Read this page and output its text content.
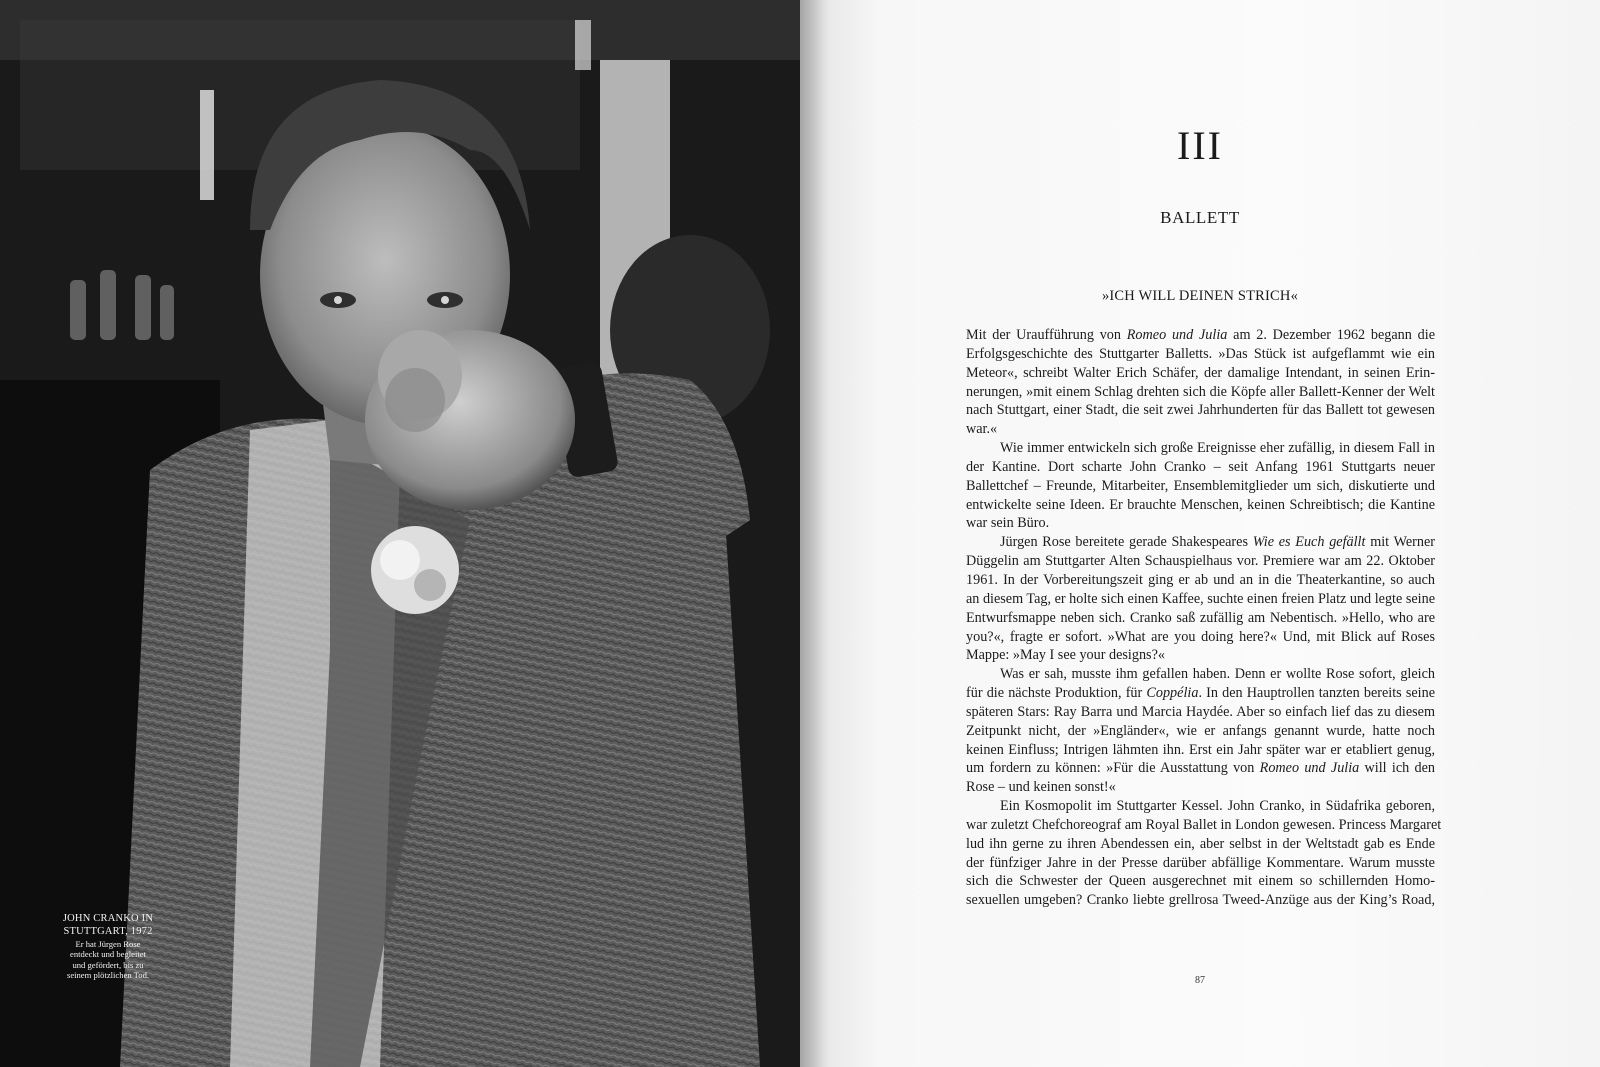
JOHN CRANKO IN
STUTTGART, 1972
Er hat Jürgen Rose
entdeckt und begleitet
und gefördert, bis zu
seinem plötzlichen Tod.
III
BALLETT
»ICH WILL DEINEN STRICH«
Mit der Uraufführung von Romeo und Julia am 2. Dezember 1962 begann die
Erfolgsgeschichte des Stuttgarter Balletts. »Das Stück ist aufgeflammt wie ein
Meteor«, schreibt Walter Erich Schäfer, der damalige Intendant, in seinen Erin-
nerungen, »mit einem Schlag drehten sich die Köpfe aller Ballett-Kenner der Welt
nach Stuttgart, einer Stadt, die seit zwei Jahrhunderten für das Ballett tot gewesen
war.«
Wie immer entwickeln sich große Ereignisse eher zufällig, in diesem Fall in
der Kantine. Dort scharte John Cranko – seit Anfang 1961 Stuttgarts neuer
Ballettchef – Freunde, Mitarbeiter, Ensemblemitglieder um sich, diskutierte und
entwickelte seine Ideen. Er brauchte Menschen, keinen Schreibtisch; die Kantine
war sein Büro.
Jürgen Rose bereitete gerade Shakespeares Wie es Euch gefällt mit Werner
Düggelin am Stuttgarter Alten Schauspielhaus vor. Premiere war am 22. Oktober
1961. In der Vorbereitungszeit ging er ab und an in die Theaterkantine, so auch
an diesem Tag, er holte sich einen Kaffee, suchte einen freien Platz und legte seine
Entwurfsmappe neben sich. Cranko saß zufällig am Nebentisch. »Hello, who are
you?«, fragte er sofort. »What are you doing here?« Und, mit Blick auf Roses
Mappe: »May I see your designs?«
Was er sah, musste ihm gefallen haben. Denn er wollte Rose sofort, gleich
für die nächste Produktion, für Coppélia. In den Hauptrollen tanzten bereits seine
späteren Stars: Ray Barra und Marcia Haydée. Aber so einfach lief das zu diesem
Zeitpunkt nicht, der »Engländer«, wie er anfangs genannt wurde, hatte noch
keinen Einfluss; Intrigen lähmten ihn. Erst ein Jahr später war er etabliert genug,
um fordern zu können: »Für die Ausstattung von Romeo und Julia will ich den
Rose – und keinen sonst!«
Ein Kosmopolit im Stuttgarter Kessel. John Cranko, in Südafrika geboren,
war zuletzt Chefchoreograf am Royal Ballet in London gewesen. Princess Margaret
lud ihn gerne zu ihren Abendessen ein, aber selbst in der Weltstadt gab es Ende
der fünfziger Jahre in der Presse darüber abfällige Kommentare. Warum musste
sich die Schwester der Queen ausgerechnet mit einem so schillernden Homo-
sexuellen umgeben? Cranko liebte grellrosa Tweed-Anzüge aus der King’s Road,
87
